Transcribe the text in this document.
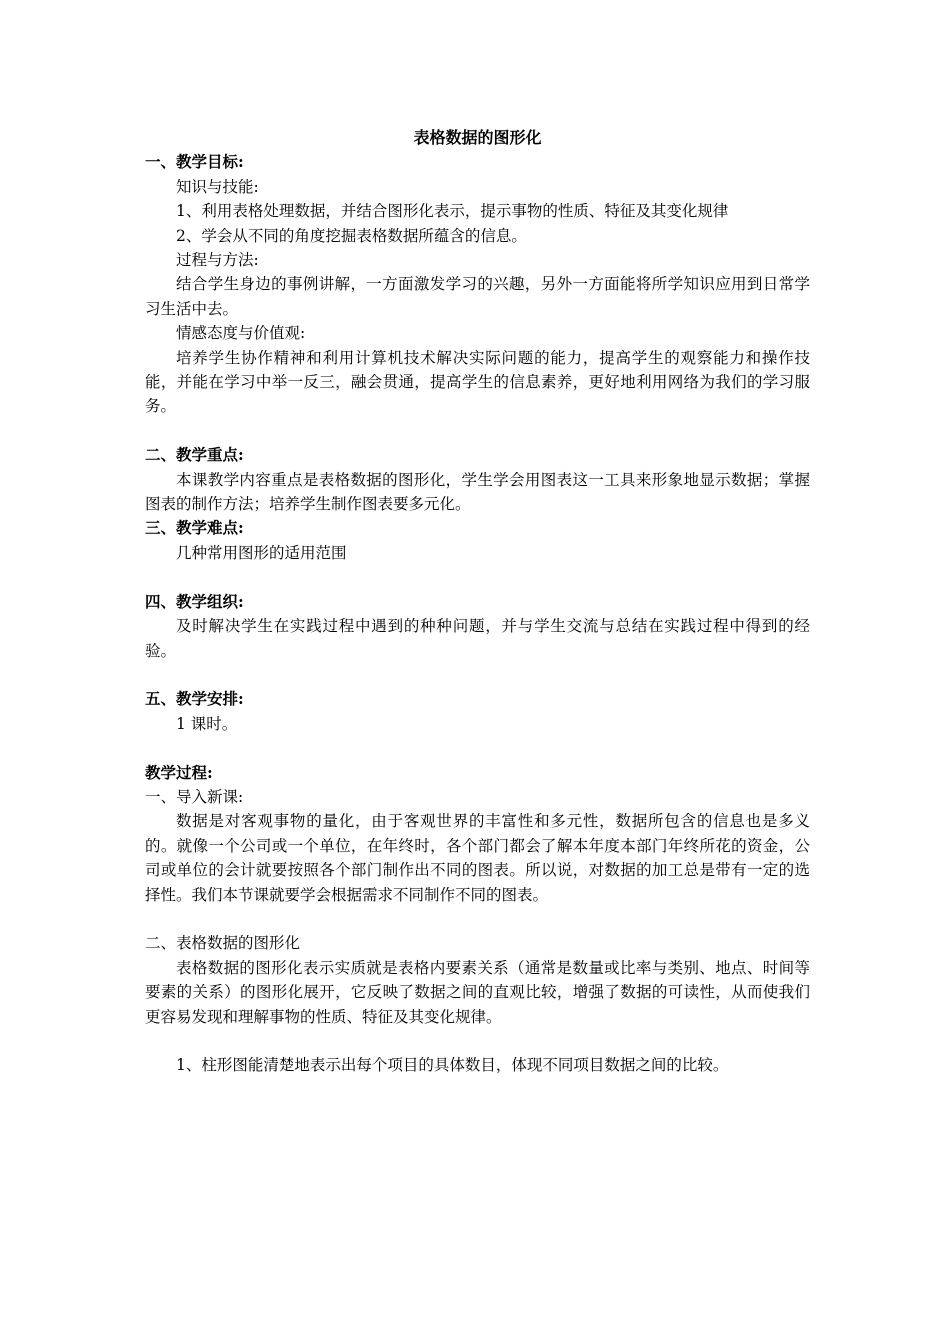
表格数据的图形化
一、教学目标:
知识与技能:
1、利用表格处理数据，并结合图形化表示，提示事物的性质、特征及其变化规律
2、学会从不同的角度挖掘表格数据所蕴含的信息。
过程与方法:
结合学生身边的事例讲解，一方面激发学习的兴趣，另外一方面能将所学知识应用到日常学习生活中去。
情感态度与价值观:
培养学生协作精神和利用计算机技术解决实际问题的能力，提高学生的观察能力和操作技能，并能在学习中举一反三，融会贯通，提高学生的信息素养，更好地利用网络为我们的学习服务。
二、教学重点:
本课教学内容重点是表格数据的图形化，学生学会用图表这一工具来形象地显示数据；掌握图表的制作方法；培养学生制作图表要多元化。
三、教学难点:
几种常用图形的适用范围
四、教学组织:
及时解决学生在实践过程中遇到的种种问题，并与学生交流与总结在实践过程中得到的经验。
五、教学安排:
1 课时。
教学过程:
一、导入新课:
数据是对客观事物的量化，由于客观世界的丰富性和多元性，数据所包含的信息也是多义的。就像一个公司或一个单位，在年终时，各个部门都会了解本年度本部门年终所花的资金，公司或单位的会计就要按照各个部门制作出不同的图表。所以说，对数据的加工总是带有一定的选择性。我们本节课就要学会根据需求不同制作不同的图表。
二、表格数据的图形化
表格数据的图形化表示实质就是表格内要素关系（通常是数量或比率与类别、地点、时间等要素的关系）的图形化展开，它反映了数据之间的直观比较，增强了数据的可读性，从而使我们更容易发现和理解事物的性质、特征及其变化规律。
1、柱形图能清楚地表示出每个项目的具体数目，体现不同项目数据之间的比较。
